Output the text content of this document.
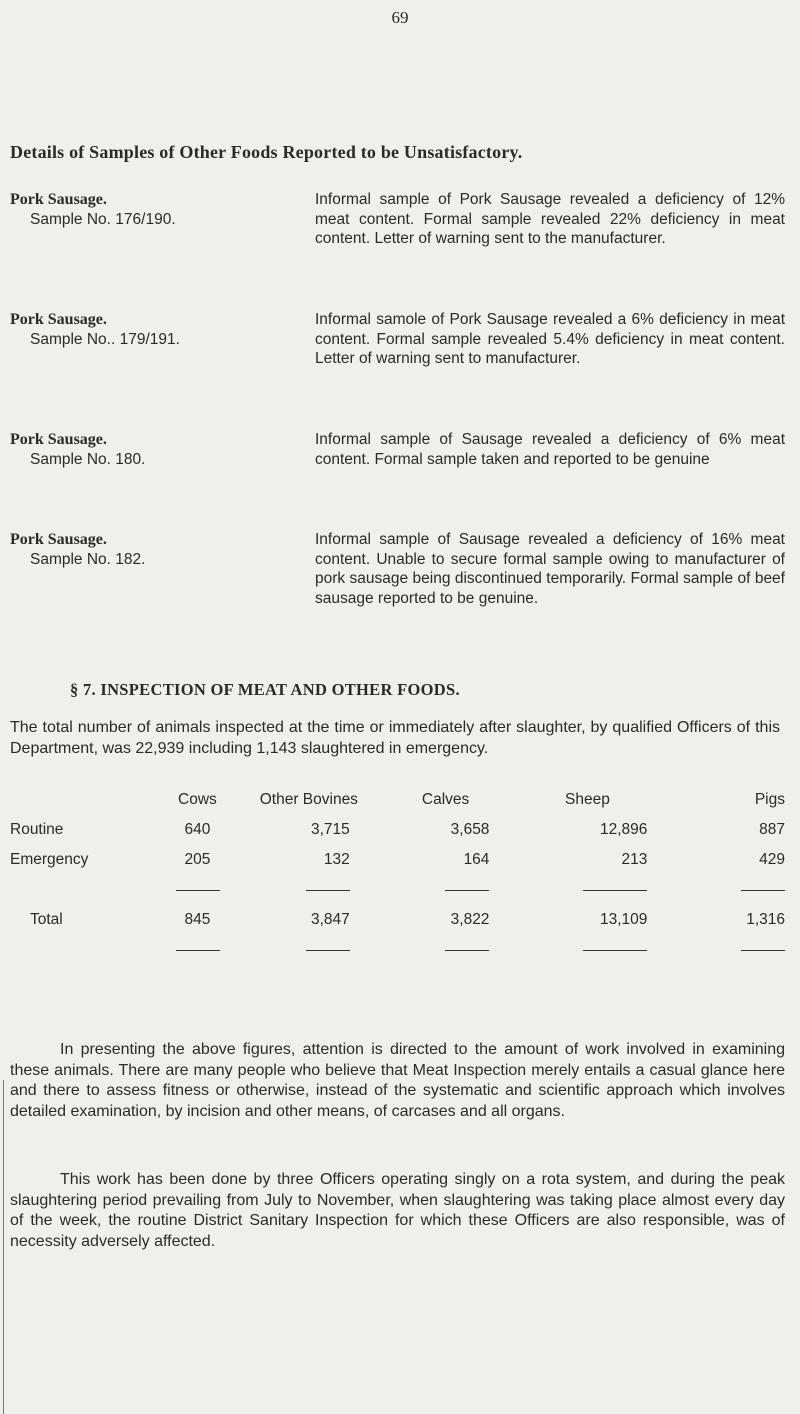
69
Details of Samples of Other Foods Reported to be Unsatisfactory.
Pork Sausage.
Sample No. 176/190.
Informal sample of Pork Sausage revealed a deficiency of 12% meat content. Formal sample revealed 22% deficiency in meat content. Letter of warning sent to the manufacturer.
Pork Sausage.
Sample No.. 179/191.
Informal samole of Pork Sausage revealed a 6% deficiency in meat content. Formal sample revealed 5.4% deficiency in meat content. Letter of warning sent to manufacturer.
Pork Sausage.
Sample No. 180.
Informal sample of Sausage revealed a deficiency of 6% meat content. Formal sample taken and reported to be genuine
Pork Sausage.
Sample No. 182.
Informal sample of Sausage revealed a deficiency of 16% meat content. Unable to secure formal sample owing to manufacturer of pork sausage being discontinued temporarily. Formal sample of beef sausage reported to be genuine.
§ 7. INSPECTION OF MEAT AND OTHER FOODS.
The total number of animals inspected at the time or immediately after slaughter, by qualified Officers of this Department, was 22,939 including 1,143 slaughtered in emergency.
	Cows	Other Bovines	Calves	Sheep	Pigs
Routine	640	3,715	3,658	12,896	887
Emergency	205	132	164	213	429

Total	845	3,847	3,822	13,109	1,316

In presenting the above figures, attention is directed to the amount of work involved in examining these animals. There are many people who believe that Meat Inspection merely entails a casual glance here and there to assess fitness or otherwise, instead of the systematic and scientific approach which involves detailed examination, by incision and other means, of carcases and all organs.
This work has been done by three Officers operating singly on a rota system, and during the peak slaughtering period prevailing from July to November, when slaughtering was taking place almost every day of the week, the routine District Sanitary Inspection for which these Officers are also responsible, was of necessity adversely affected.
